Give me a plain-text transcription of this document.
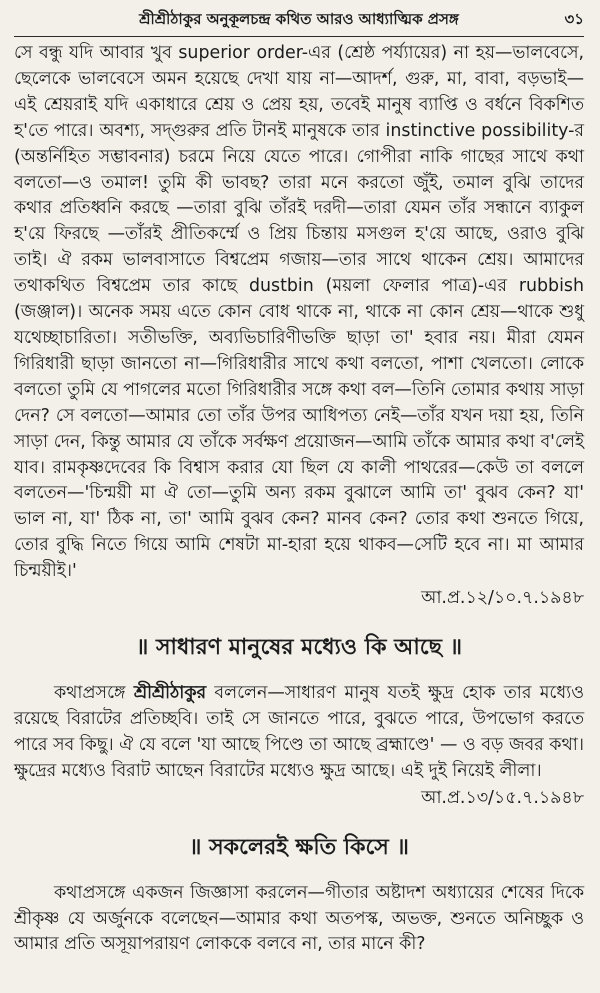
শ্রীশ্রীঠাকুর অনুকূলচন্দ্র কথিত আরও আধ্যাত্মিক প্রসঙ্গ	৩১

সে বন্ধু যদি আবার খুব superior order-এর (শ্রেষ্ঠ পর্য্যায়ের) না হয়—ভালবেসে, ছেলেকে ভালবেসে অমন হয়েছে দেখা যায় না—আদর্শ, গুরু, মা, বাবা, বড়ভাই—এই শ্রেয়রাই যদি একাধারে শ্রেয় ও প্রেয় হয়, তবেই মানুষ ব্যাপ্তি ও বর্ধনে বিকশিত হ'তে পারে। অবশ্য, সদ্‌গুরুর প্রতি টানই মানুষকে তার instinctive possibility-র (অন্তর্নিহিত সম্ভাবনার) চরমে নিয়ে যেতে পারে। গোপীরা নাকি গাছের সাথে কথা বলতো—ও তমাল! তুমি কী ভাবছ? তারা মনে করতো জুঁই, তমাল বুঝি তাদের কথার প্রতিধ্বনি করছে —তারা বুঝি তাঁরই দরদী—তারা যেমন তাঁর সন্ধানে ব্যাকুল হ'য়ে ফিরছে —তাঁরই প্রীতিকর্ম্মে ও প্রিয় চিন্তায় মসগুল হ'য়ে আছে, ওরাও বুঝি তাই। ঐ রকম ভালবাসাতে বিশ্বপ্রেম গজায়—তার সাথে থাকেন শ্রেয়। আমাদের তথাকথিত বিশ্বপ্রেম তার কাছে dustbin (ময়লা ফেলার পাত্র)-এর rubbish (জঞ্জাল)। অনেক সময় এতে কোন বোধ থাকে না, থাকে না কোন শ্রেয়—থাকে শুধু যথেচ্ছাচারিতা। সতীভক্তি, অব্যভিচারিণীভক্তি ছাড়া তা' হবার নয়। মীরা যেমন গিরিধারী ছাড়া জানতো না—গিরিধারীর সাথে কথা বলতো, পাশা খেলতো। লোকে বলতো তুমি যে পাগলের মতো গিরিধারীর সঙ্গে কথা বল—তিনি তোমার কথায় সাড়া দেন? সে বলতো—আমার তো তাঁর উপর আধিপত্য নেই—তাঁর যখন দয়া হয়, তিনি সাড়া দেন, কিন্তু আমার যে তাঁকে সর্বক্ষণ প্রয়োজন—আমি তাঁকে আমার কথা ব'লেই যাব। রামকৃষ্ণদেবের কি বিশ্বাস করার যো ছিল যে কালী পাথরের—কেউ তা বললে বলতেন—'চিন্ময়ী মা ঐ তো—তুমি অন্য রকম বুঝালে আমি তা' বুঝব কেন? যা' ভাল না, যা' ঠিক না, তা' আমি বুঝব কেন? মানব কেন? তোর কথা শুনতে গিয়ে, তোর বুদ্ধি নিতে গিয়ে আমি শেষটা মা-হারা হয়ে থাকব—সেটি হবে না। মা আমার চিন্ময়ীই।'

আ.প্র.১২/১০.৭.১৯৪৮

॥ সাধারণ মানুষের মধ্যেও কি আছে ॥

কথাপ্রসঙ্গে শ্রীশ্রীঠাকুর বললেন—সাধারণ মানুষ যতই ক্ষুদ্র হোক তার মধ্যেও রয়েছে বিরাটের প্রতিচ্ছবি। তাই সে জানতে পারে, বুঝতে পারে, উপভোগ করতে পারে সব কিছু। ঐ যে বলে 'যা আছে পিণ্ডে তা আছে ব্রহ্মাণ্ডে' — ও বড় জবর কথা। ক্ষুদ্রের মধ্যেও বিরাট আছেন বিরাটের মধ্যেও ক্ষুদ্র আছে। এই দুই নিয়েই লীলা।

আ.প্র.১৩/১৫.৭.১৯৪৮

॥ সকলেরই ক্ষতি কিসে ॥

কথাপ্রসঙ্গে একজন জিজ্ঞাসা করলেন—গীতার অষ্টাদশ অধ্যায়ের শেষের দিকে শ্রীকৃষ্ণ যে অর্জুনকে বলেছেন—আমার কথা অতপস্ক, অভক্ত, শুনতে অনিচ্ছুক ও আমার প্রতি অসূয়াপরায়ণ লোককে বলবে না, তার মানে কী?
